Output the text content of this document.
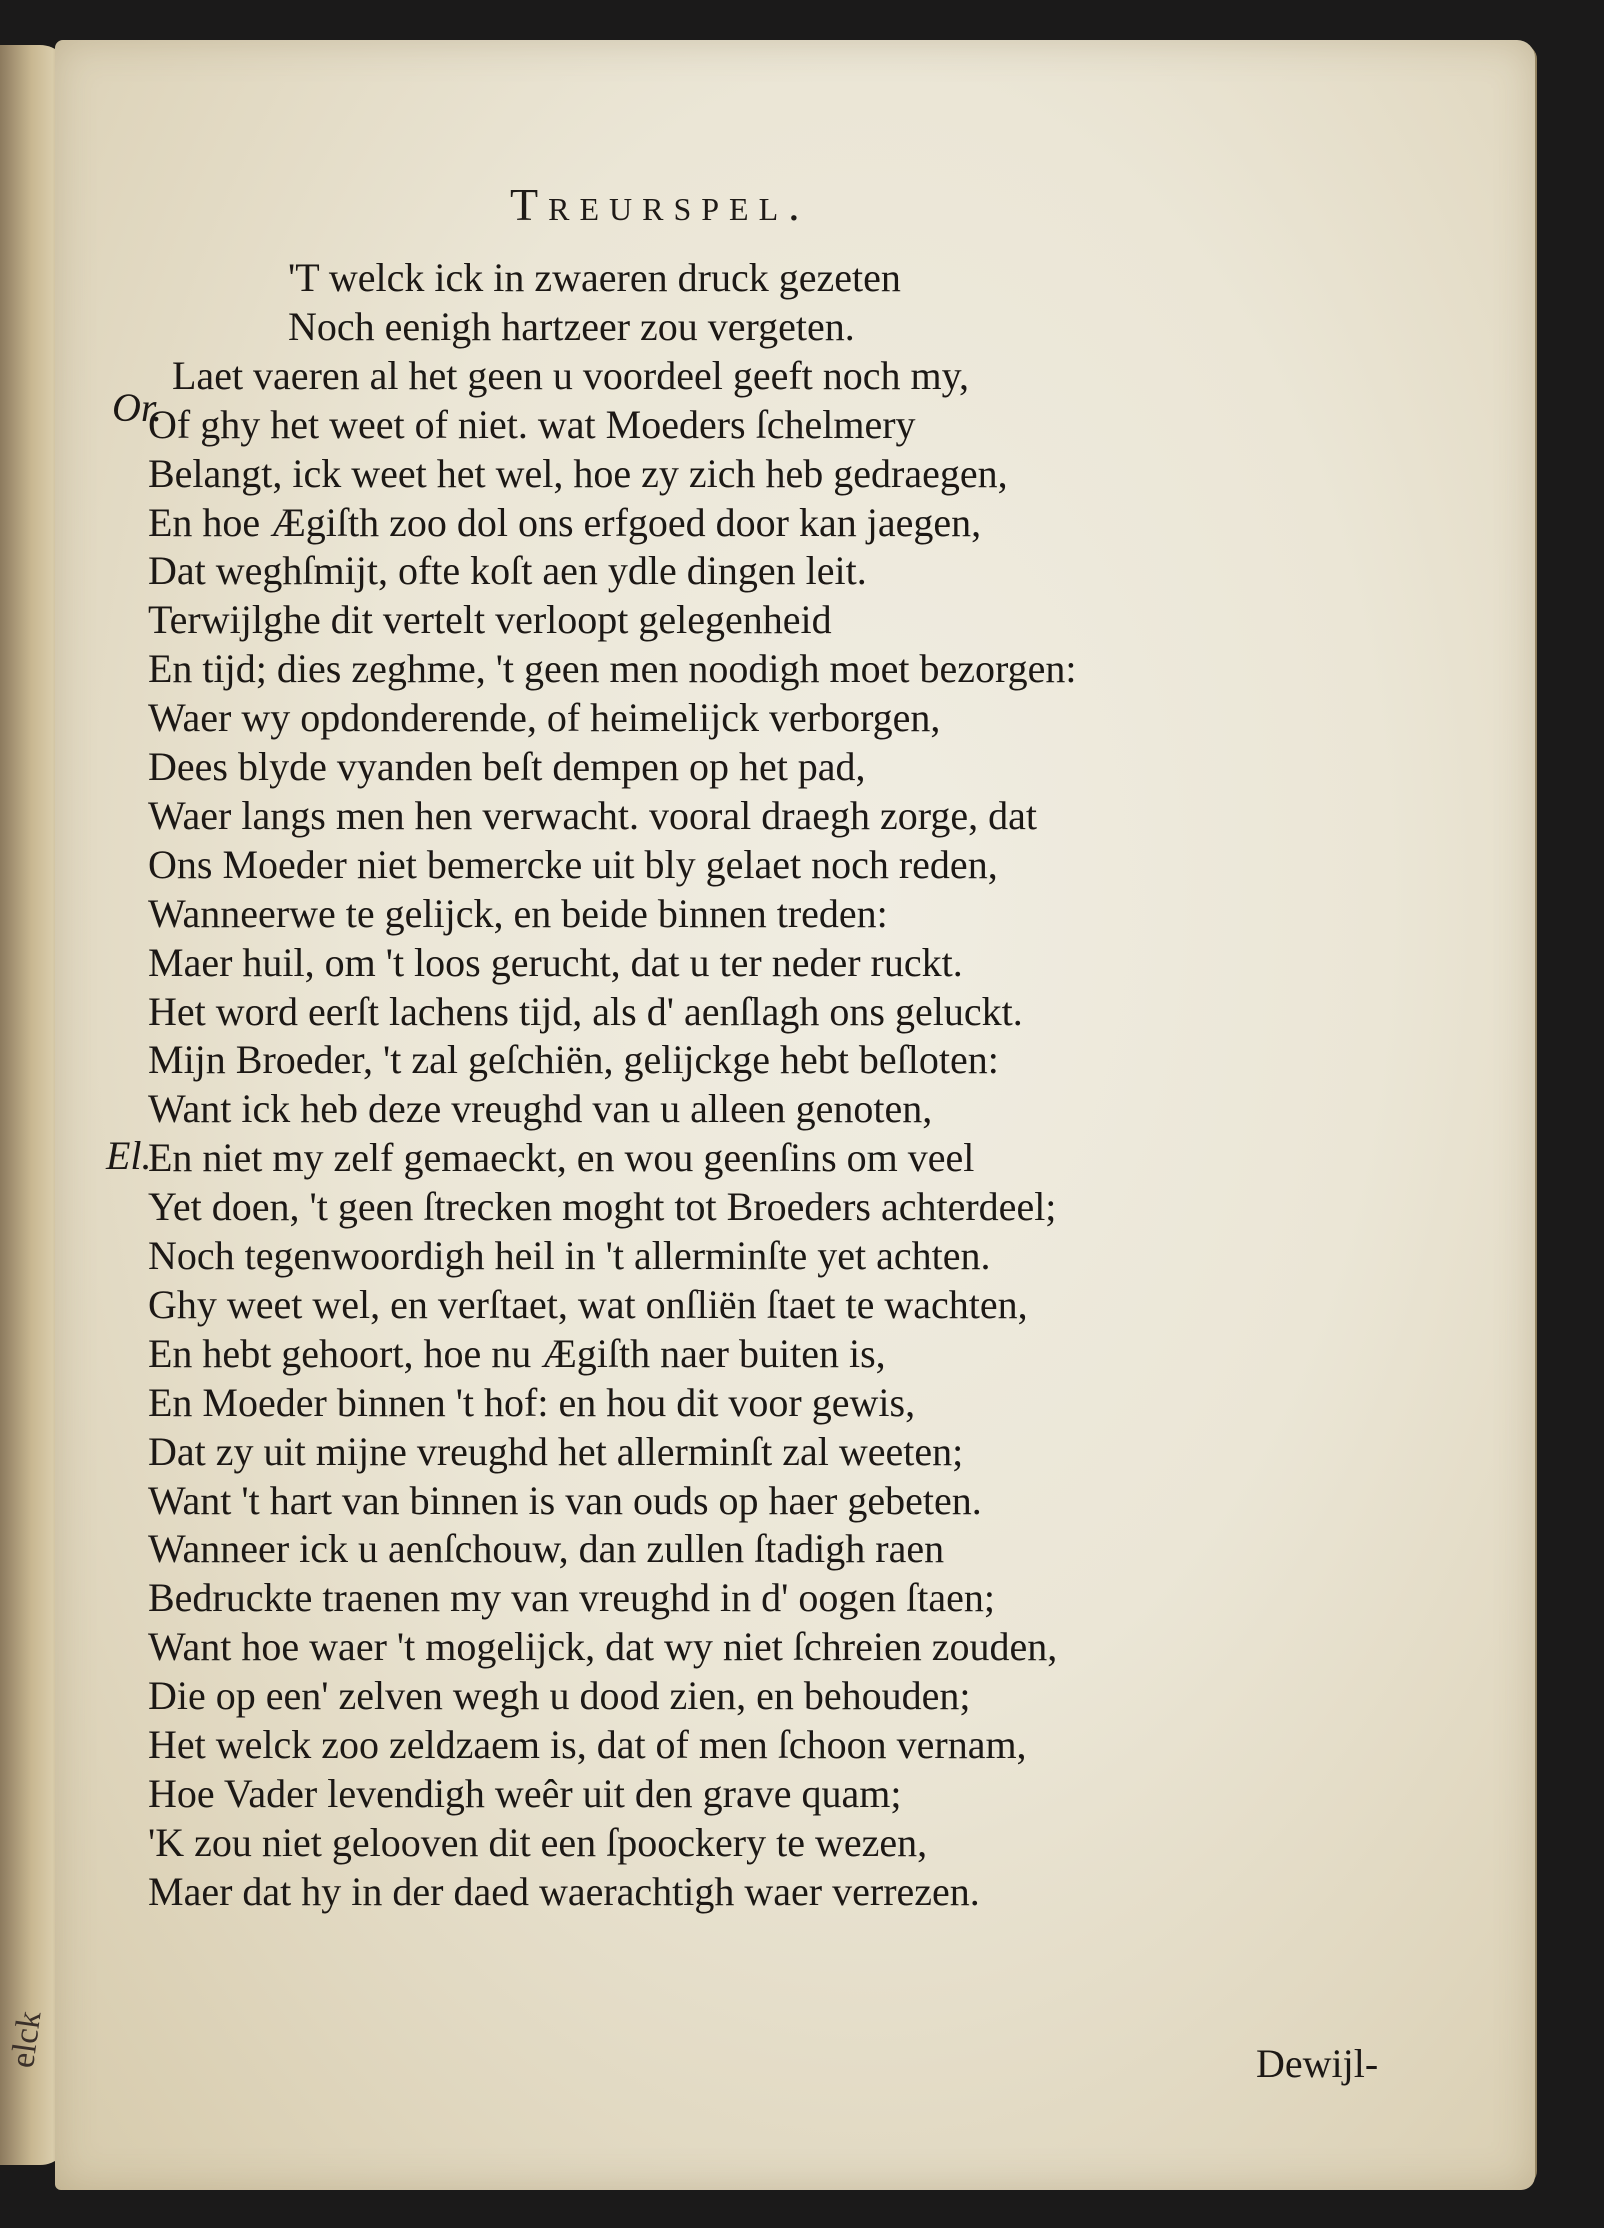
elck
Treurspel.
Or.
El.
'T welck ick in zwaeren druck gezeten
Noch eenigh hartzeer zou vergeten.
Laet vaeren al het geen u voordeel geeft noch my,
Of ghy het weet of niet. wat Moeders ſchelmery
Belangt, ick weet het wel, hoe zy zich heb gedraegen,
En hoe Ægiſth zoo dol ons erfgoed door kan jaegen,
Dat weghſmijt, ofte koſt aen ydle dingen leit.
Terwijlghe dit vertelt verloopt gelegenheid
En tijd; dies zeghme, 't geen men noodigh moet bezorgen:
Waer wy opdonderende, of heimelijck verborgen,
Dees blyde vyanden beſt dempen op het pad,
Waer langs men hen verwacht. vooral draegh zorge, dat
Ons Moeder niet bemercke uit bly gelaet noch reden,
Wanneerwe te gelijck, en beide binnen treden:
Maer huil, om 't loos gerucht, dat u ter neder ruckt.
Het word eerſt lachens tijd, als d' aenſlagh ons geluckt.
Mijn Broeder, 't zal geſchiën, gelijckge hebt beſloten:
Want ick heb deze vreughd van u alleen genoten,
En niet my zelf gemaeckt, en wou geenſins om veel
Yet doen, 't geen ſtrecken moght tot Broeders achterdeel;
Noch tegenwoordigh heil in 't allerminſte yet achten.
Ghy weet wel, en verſtaet, wat onſliën ſtaet te wachten,
En hebt gehoort, hoe nu Ægiſth naer buiten is,
En Moeder binnen 't hof: en hou dit voor gewis,
Dat zy uit mijne vreughd het allerminſt zal weeten;
Want 't hart van binnen is van ouds op haer gebeten.
Wanneer ick u aenſchouw, dan zullen ſtadigh raen
Bedruckte traenen my van vreughd in d' oogen ſtaen;
Want hoe waer 't mogelijck, dat wy niet ſchreien zouden,
Die op een' zelven wegh u dood zien, en behouden;
Het welck zoo zeldzaem is, dat of men ſchoon vernam,
Hoe Vader levendigh weêr uit den grave quam;
'K zou niet gelooven dit een ſpoockery te wezen,
Maer dat hy in der daed waerachtigh waer verrezen.
Dewijl-
